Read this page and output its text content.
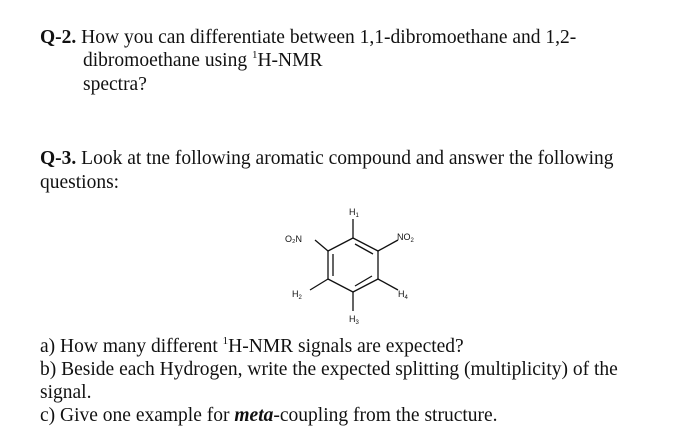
Q-2. How you can differentiate between 1,1-dibromoethane and 1,2-
dibromoethane using $^1$H-NMR
spectra?
Q-3. Look at tne following aromatic compound and answer the following
questions:
$H_1$
O₂N	$NO_2$
$H_2$	$H_4$
$H_3$
a) How many different $^1$H-NMR signals are expected?
b) Beside each Hydrogen, write the expected splitting (multiplicity) of the
signal.
c) Give one example for meta-coupling from the structure.
